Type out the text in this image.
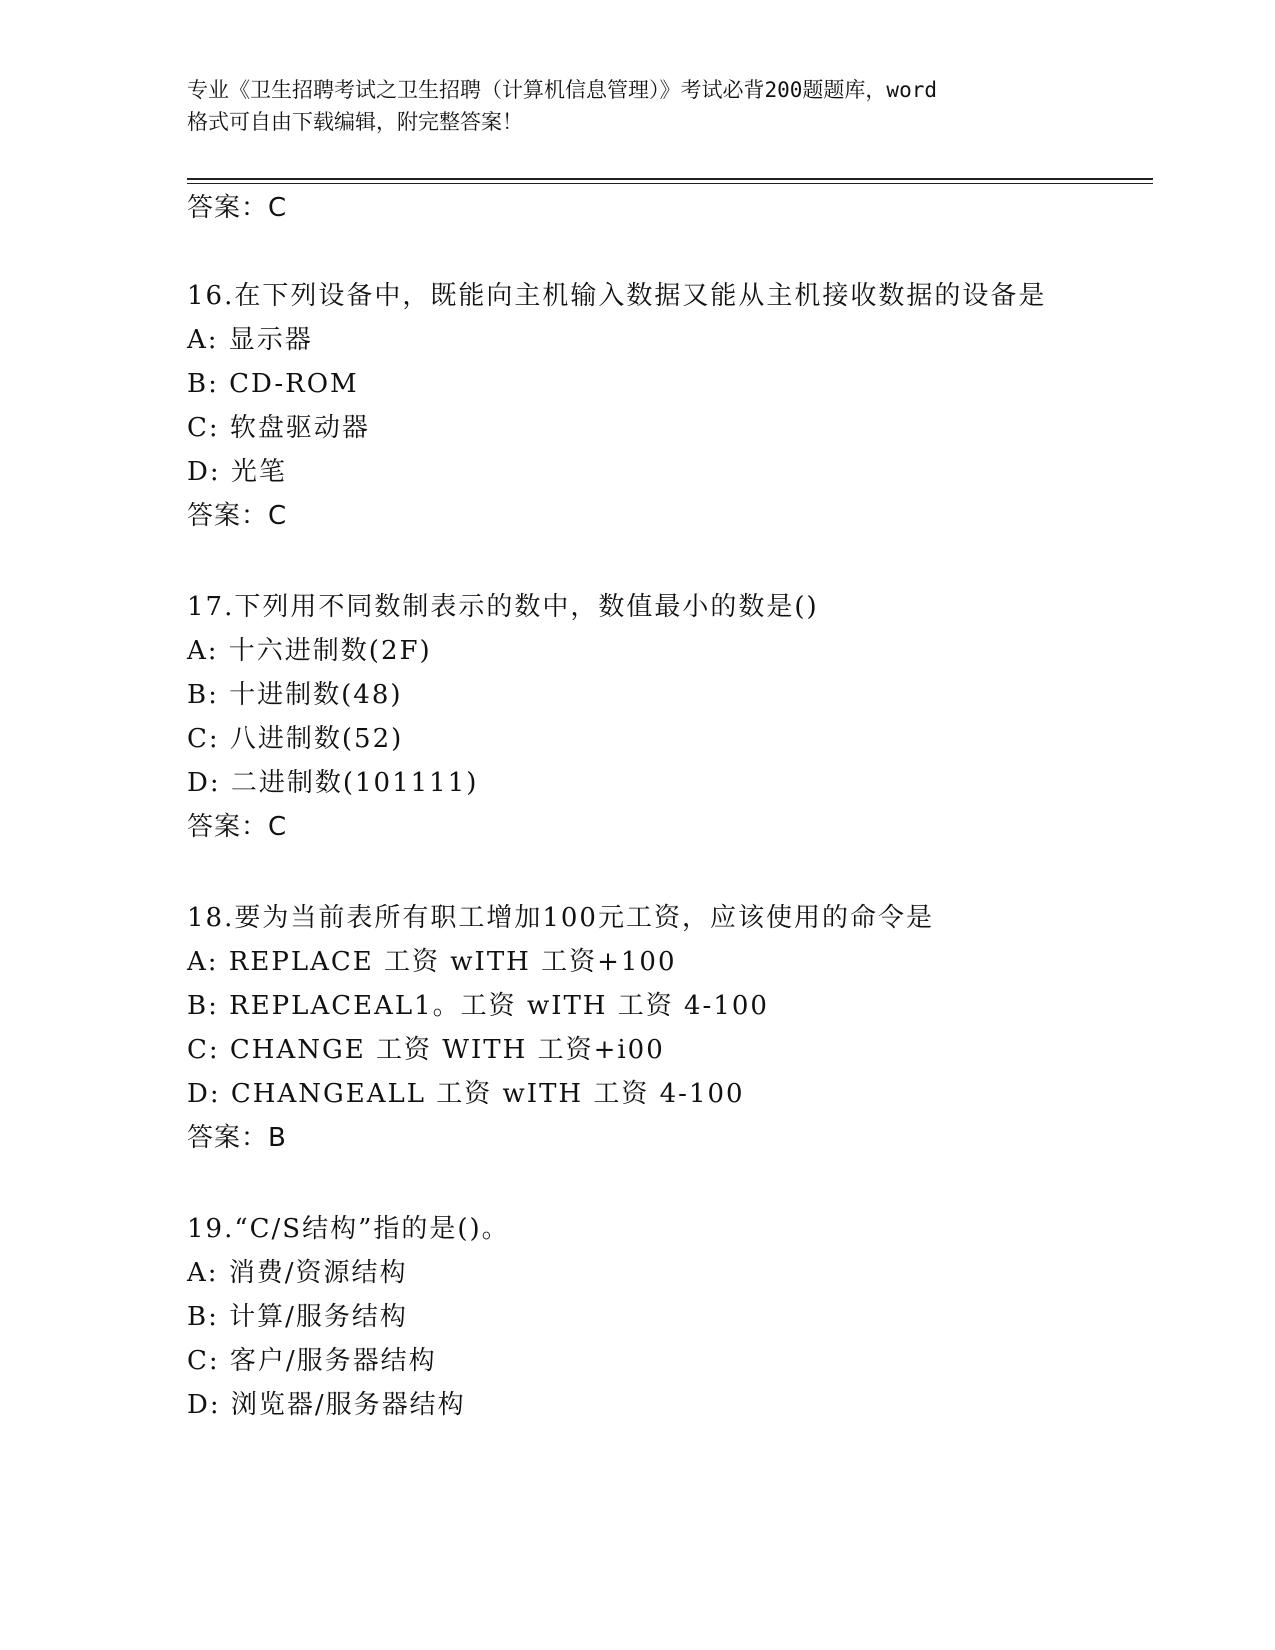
专业《卫生招聘考试之卫生招聘（计算机信息管理）》考试必背200题题库，word
格式可自由下载编辑，附完整答案！
答案：C
16.在下列设备中，既能向主机输入数据又能从主机接收数据的设备是
A: 显示器
B: CD-ROM
C: 软盘驱动器
D: 光笔
答案：C
17.下列用不同数制表示的数中，数值最小的数是()
A: 十六进制数(2F)
B: 十进制数(48)
C: 八进制数(52)
D: 二进制数(101111)
答案：C
18.要为当前表所有职工增加100元工资，应该使用的命令是
A: REPLACE 工资 wITH 工资+100
B: REPLACEAL1。工资 wITH 工资 4-100
C: CHANGE 工资 WITH 工资+i00
D: CHANGEALL 工资 wITH 工资 4-100
答案：B
19.“C/S结构”指的是()。
A: 消费/资源结构
B: 计算/服务结构
C: 客户/服务器结构
D: 浏览器/服务器结构
